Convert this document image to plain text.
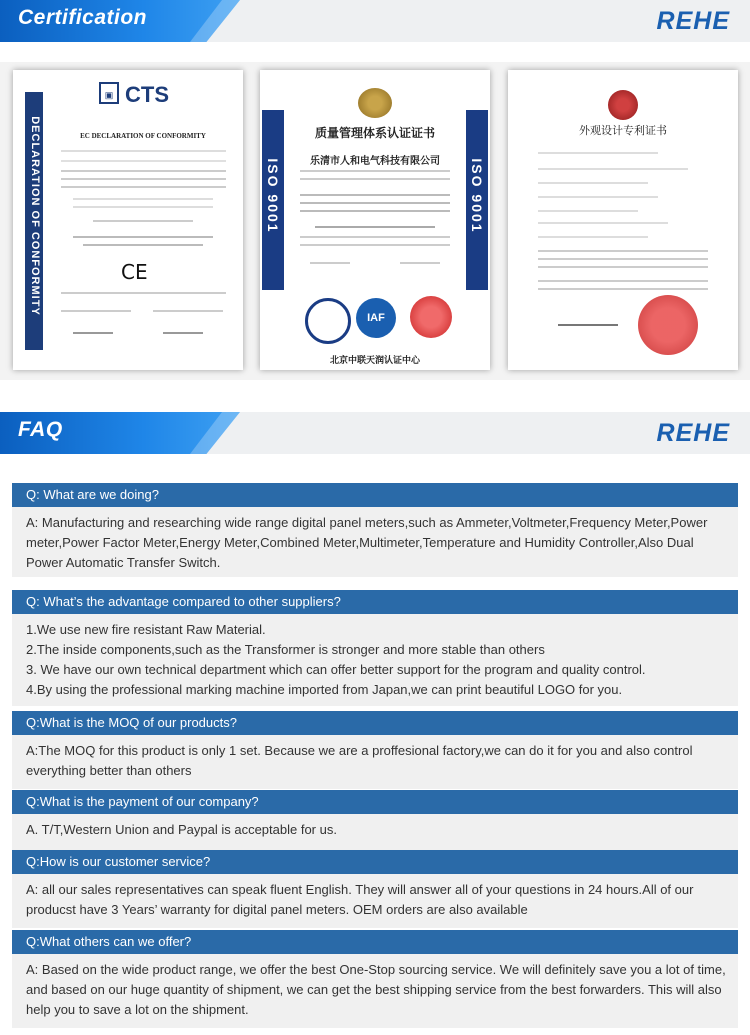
Certification	REHE
DECLARATION OF CONFORMITY
▣ CTS
EC DECLARATION OF CONFORMITY
CE
质量管理体系认证证书
乐清市人和电气科技有限公司
ISO 9001	ISO 9001
IAF
北京中联天润认证中心
外观设计专利证书
FAQ	REHE
Q: What are we doing?

A: Manufacturing and researching wide range digital panel meters,such as Ammeter,Voltmeter,Frequency Meter,Power meter,Power Factor Meter,Energy Meter,Combined Meter,Multimeter,Temperature and Humidity Controller,Also Dual Power Automatic Transfer Switch.

Q: What’s the advantage compared to other suppliers?

1.We use new fire resistant Raw Material.

2.The inside components,such as the Transformer is stronger and more stable than others

3. We have our own technical department which can offer better support for the program and quality control.

4.By using the professional marking machine imported from Japan,we can print beautiful LOGO for you.

Q:What is the MOQ of our products?

A:The MOQ for this product is only 1 set. Because we are a proffesional factory,we can do it for you and also control everything better than others

Q:What is the payment of our company?

A. T/T,Western Union and Paypal is acceptable for us.

Q:How is our customer service?

A: all our sales representatives can speak fluent English. They will answer all of your questions in 24 hours.All of our producst have 3 Years’ warranty for digital panel meters. OEM orders are also available

Q:What others can we offer?

A: Based on the wide product range, we offer the best One-Stop sourcing service. We will definitely save you a lot of time, and based on our huge quantity of shipment, we can get the best shipping service from the best forwarders. This will also help you to save a lot on the shipment.
